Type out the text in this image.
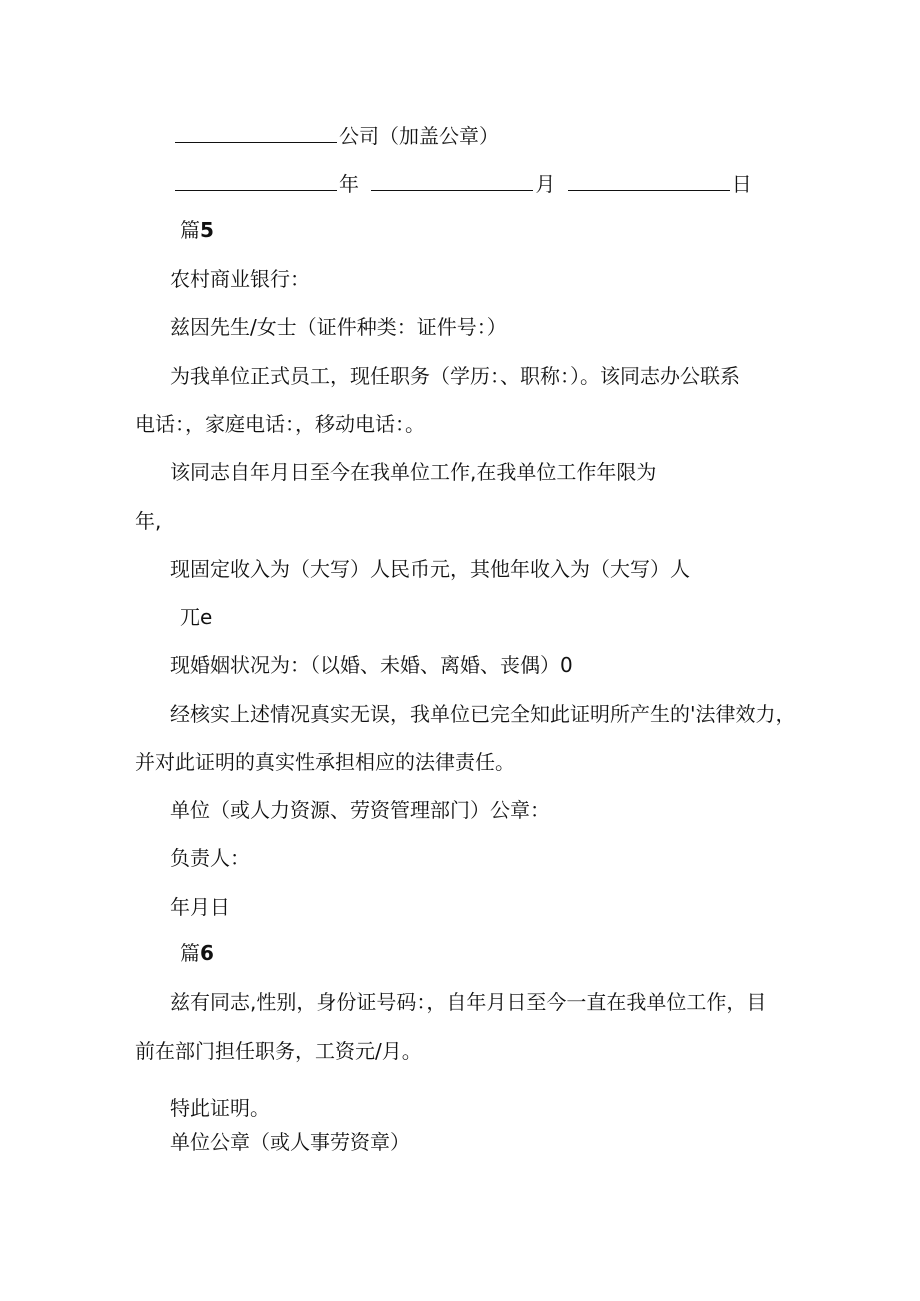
公司（加盖公章）
年	月	日
篇5
农村商业银行：
兹因先生/女士（证件种类：证件号：）
为我单位正式员工，现任职务（学历：、职称：）。该同志办公联系
电话：，家庭电话：，移动电话：。
该同志自年月日至今在我单位工作,在我单位工作年限为
年,
现固定收入为（大写）人民币元，其他年收入为（大写）人
兀e
现婚姻状况为：（以婚、未婚、离婚、丧偶）0
经核实上述情况真实无误，我单位已完全知此证明所产生的'法律效力，
并对此证明的真实性承担相应的法律责任。
单位（或人力资源、劳资管理部门）公章：
负责人：
年月日
篇6
兹有同志,性别，身份证号码：，自年月日至今一直在我单位工作，目
前在部门担任职务，工资元/月。
特此证明。
单位公章（或人事劳资章）
